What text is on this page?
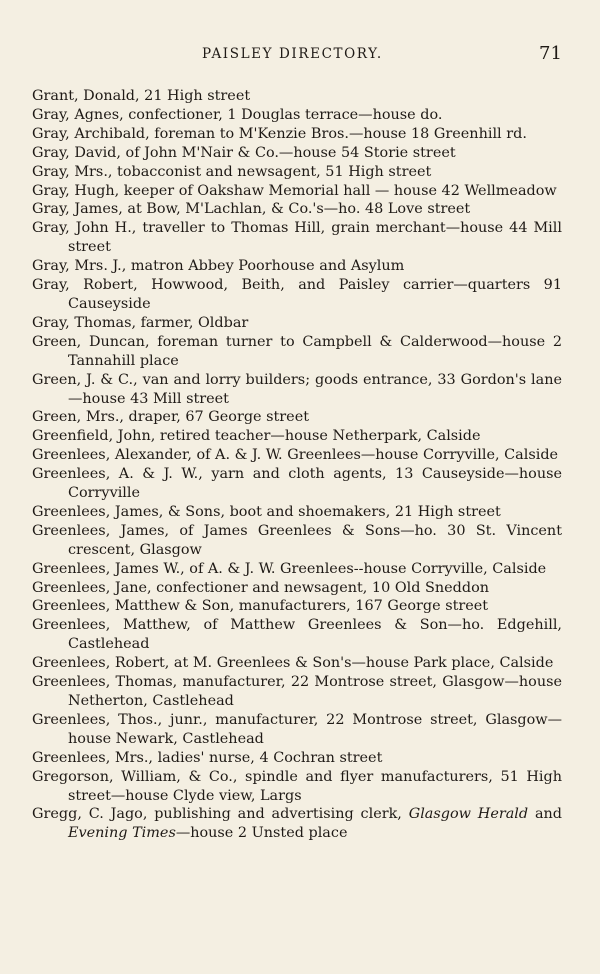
PAISLEY DIRECTORY.	71
Grant, Donald, 21 High street
Gray, Agnes, confectioner, 1 Douglas terrace—house do.
Gray, Archibald, foreman to M'Kenzie Bros.—house 18 Greenhill rd.
Gray, David, of John M'Nair & Co.—house 54 Storie street
Gray, Mrs., tobacconist and newsagent, 51 High street
Gray, Hugh, keeper of Oakshaw Memorial hall — house 42 Wellmeadow
Gray, James, at Bow, M'Lachlan, & Co.'s—ho. 48 Love street
Gray, John H., traveller to Thomas Hill, grain merchant—house 44 Mill street
Gray, Mrs. J., matron Abbey Poorhouse and Asylum
Gray, Robert, Howwood, Beith, and Paisley carrier—quarters 91 Causeyside
Gray, Thomas, farmer, Oldbar
Green, Duncan, foreman turner to Campbell & Calderwood—house 2 Tannahill place
Green, J. & C., van and lorry builders; goods entrance, 33 Gordon's lane—house 43 Mill street
Green, Mrs., draper, 67 George street
Greenfield, John, retired teacher—house Netherpark, Calside
Greenlees, Alexander, of A. & J. W. Greenlees—house Corryville, Calside
Greenlees, A. & J. W., yarn and cloth agents, 13 Causeyside—house Corryville
Greenlees, James, & Sons, boot and shoemakers, 21 High street
Greenlees, James, of James Greenlees & Sons—ho. 30 St. Vincent crescent, Glasgow
Greenlees, James W., of A. & J. W. Greenlees--house Corryville, Calside
Greenlees, Jane, confectioner and newsagent, 10 Old Sneddon
Greenlees, Matthew & Son, manufacturers, 167 George street
Greenlees, Matthew, of Matthew Greenlees & Son—ho. Edgehill, Castlehead
Greenlees, Robert, at M. Greenlees & Son's—house Park place, Calside
Greenlees, Thomas, manufacturer, 22 Montrose street, Glasgow—house Netherton, Castlehead
Greenlees, Thos., junr., manufacturer, 22 Montrose street, Glasgow—house Newark, Castlehead
Greenlees, Mrs., ladies' nurse, 4 Cochran street
Gregorson, William, & Co., spindle and flyer manufacturers, 51 High street—house Clyde view, Largs
Gregg, C. Jago, publishing and advertising clerk, Glasgow Herald and Evening Times—house 2 Unsted place
